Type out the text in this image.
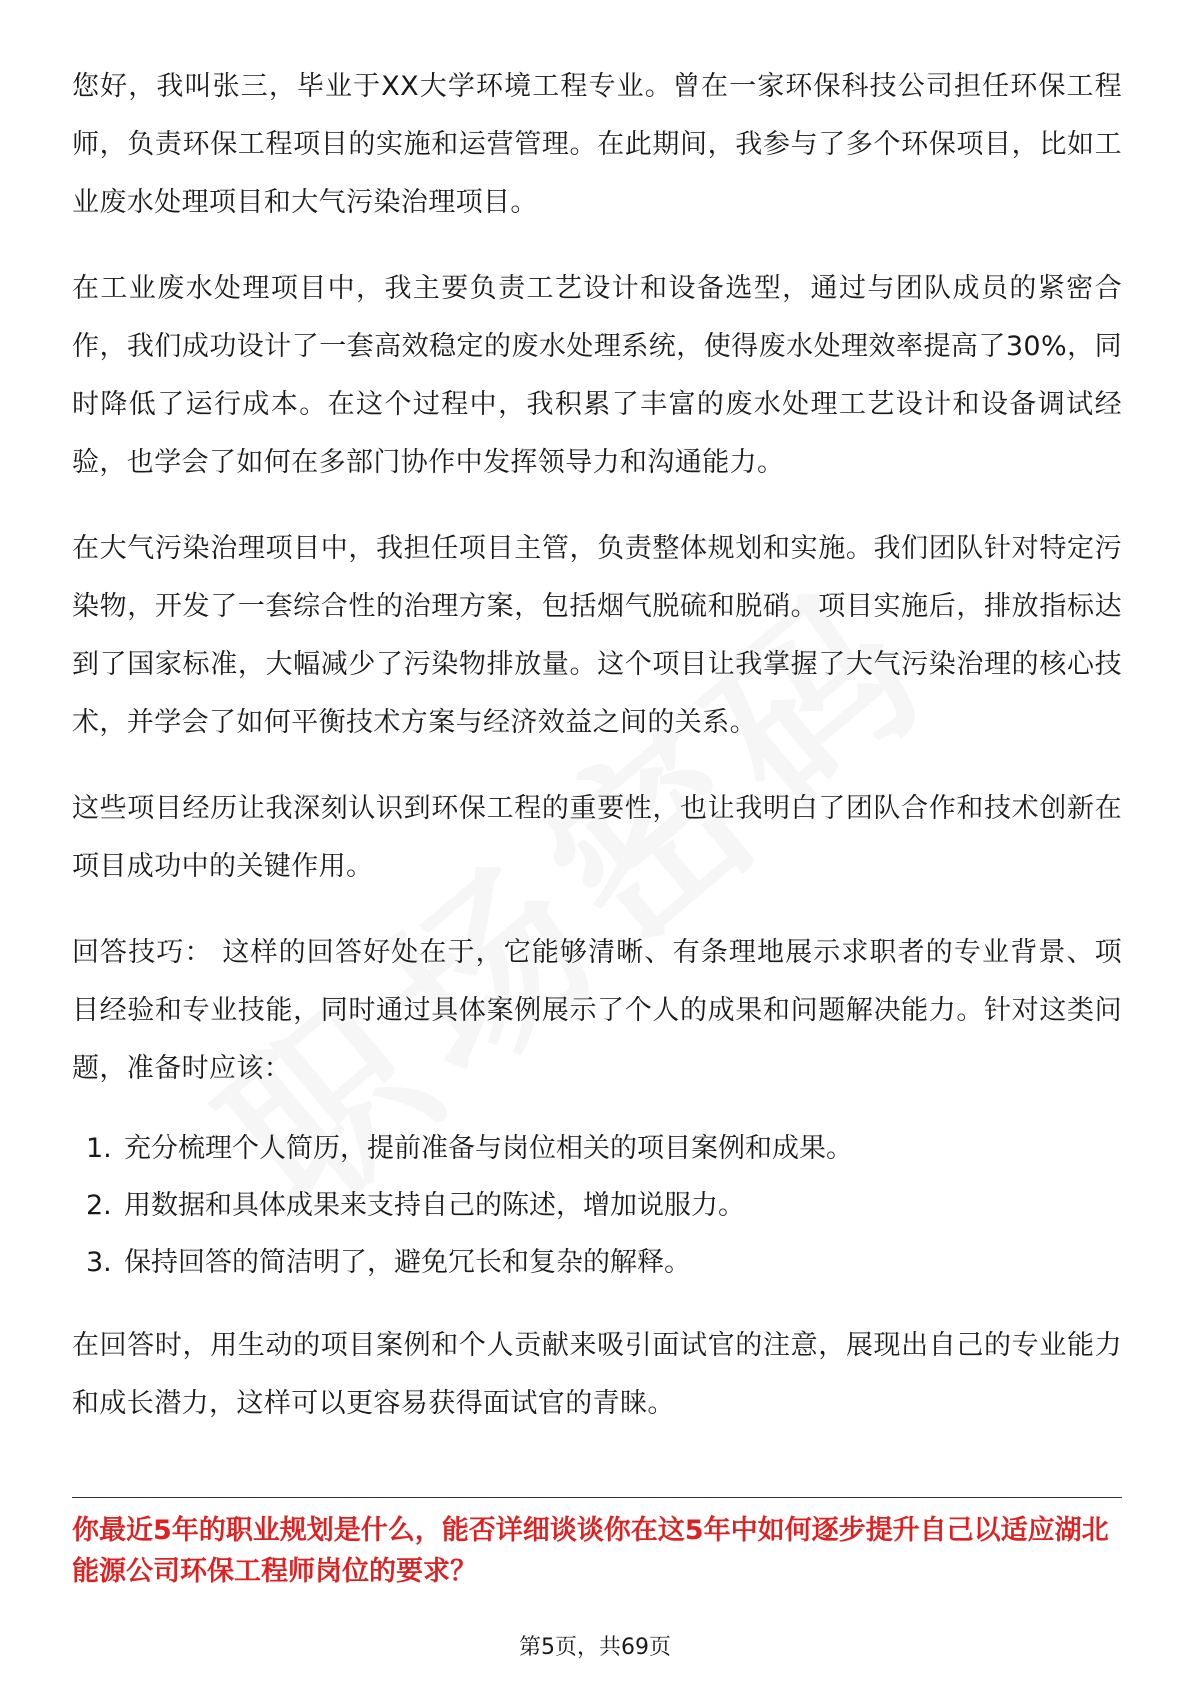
您好，我叫张三，毕业于XX大学环境工程专业。曾在一家环保科技公司担任环保工程师，负责环保工程项目的实施和运营管理。在此期间，我参与了多个环保项目，比如工业废水处理项目和大气污染治理项目。

在工业废水处理项目中，我主要负责工艺设计和设备选型，通过与团队成员的紧密合作，我们成功设计了一套高效稳定的废水处理系统，使得废水处理效率提高了30%，同时降低了运行成本。在这个过程中，我积累了丰富的废水处理工艺设计和设备调试经验，也学会了如何在多部门协作中发挥领导力和沟通能力。

在大气污染治理项目中，我担任项目主管，负责整体规划和实施。我们团队针对特定污染物，开发了一套综合性的治理方案，包括烟气脱硫和脱硝。项目实施后，排放指标达到了国家标准，大幅减少了污染物排放量。这个项目让我掌握了大气污染治理的核心技术，并学会了如何平衡技术方案与经济效益之间的关系。

这些项目经历让我深刻认识到环保工程的重要性，也让我明白了团队合作和技术创新在项目成功中的关键作用。

回答技巧： 这样的回答好处在于，它能够清晰、有条理地展示求职者的专业背景、项目经验和专业技能，同时通过具体案例展示了个人的成果和问题解决能力。针对这类问题，准备时应该：

1. 充分梳理个人简历，提前准备与岗位相关的项目案例和成果。
2. 用数据和具体成果来支持自己的陈述，增加说服力。
3. 保持回答的简洁明了，避免冗长和复杂的解释。

在回答时，用生动的项目案例和个人贡献来吸引面试官的注意，展现出自己的专业能力和成长潜力，这样可以更容易获得面试官的青睐。

你最近5年的职业规划是什么，能否详细谈谈你在这5年中如何逐步提升自己以适应湖北能源公司环保工程师岗位的要求？

第5页，共69页
